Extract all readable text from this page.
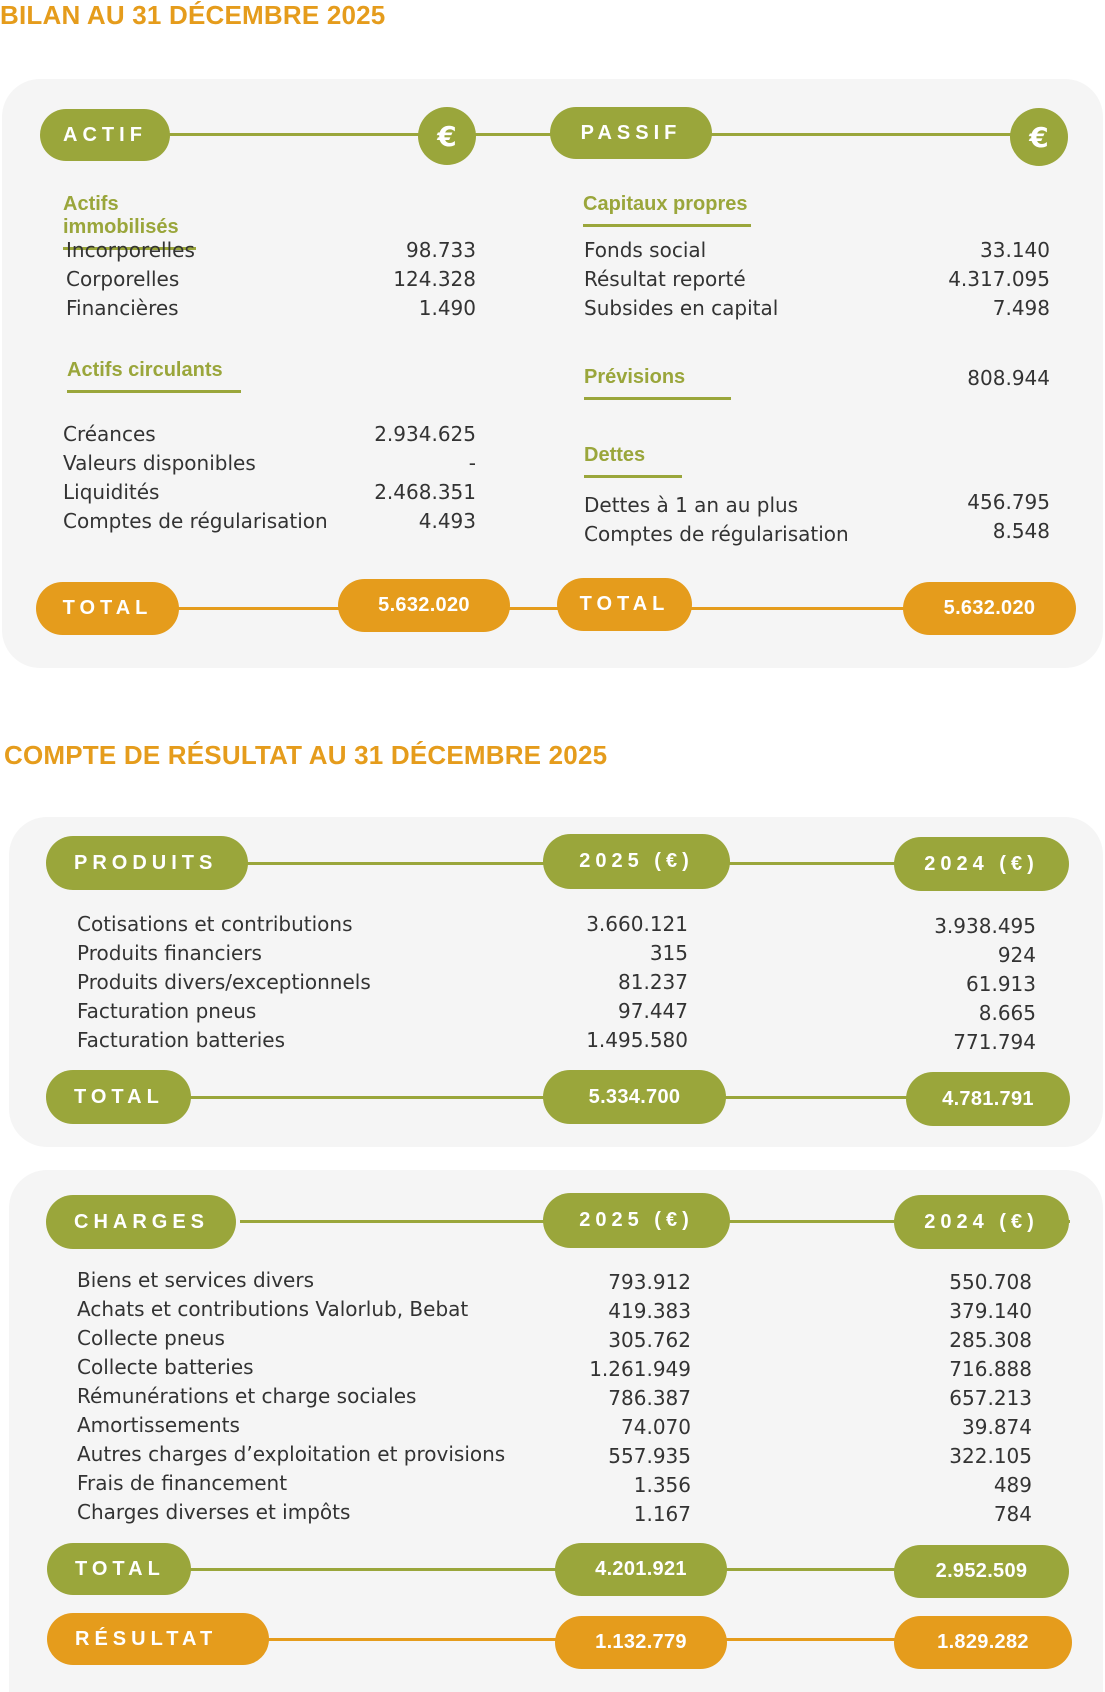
BILAN AU 31 DÉCEMBRE 2025
ACTIF	€	PASSIF	€
Actifs immobilisés
Incorporelles	98.733
Corporelles	124.328
Financières	1.490
Actifs circulants
Créances	2.934.625
Valeurs disponibles	-
Liquidités	2.468.351
Comptes de régularisation	4.493
Capitaux propres
Fonds social	33.140
Résultat reporté	4.317.095
Subsides en capital	7.498
Prévisions	808.944
Dettes
Dettes à 1 an au plus	456.795
Comptes de régularisation	8.548
TOTAL	5.632.020	TOTAL	5.632.020
COMPTE DE RÉSULTAT AU 31 DÉCEMBRE 2025
PRODUITS	2025 (€)	2024 (€)
Cotisations et contributions	3.660.121	3.938.495
Produits financiers	315	924
Produits divers/exceptionnels	81.237	61.913
Facturation pneus	97.447	8.665
Facturation batteries	1.495.580	771.794
TOTAL	5.334.700	4.781.791
CHARGES	2025 (€)	2024 (€)
Biens et services divers	793.912	550.708
Achats et contributions Valorlub, Bebat	419.383	379.140
Collecte pneus	305.762	285.308
Collecte batteries	1.261.949	716.888
Rémunérations et charge sociales	786.387	657.213
Amortissements	74.070	39.874
Autres charges d’exploitation et provisions	557.935	322.105
Frais de financement	1.356	489
Charges diverses et impôts	1.167	784
TOTAL	4.201.921	2.952.509
RÉSULTAT	1.132.779	1.829.282
